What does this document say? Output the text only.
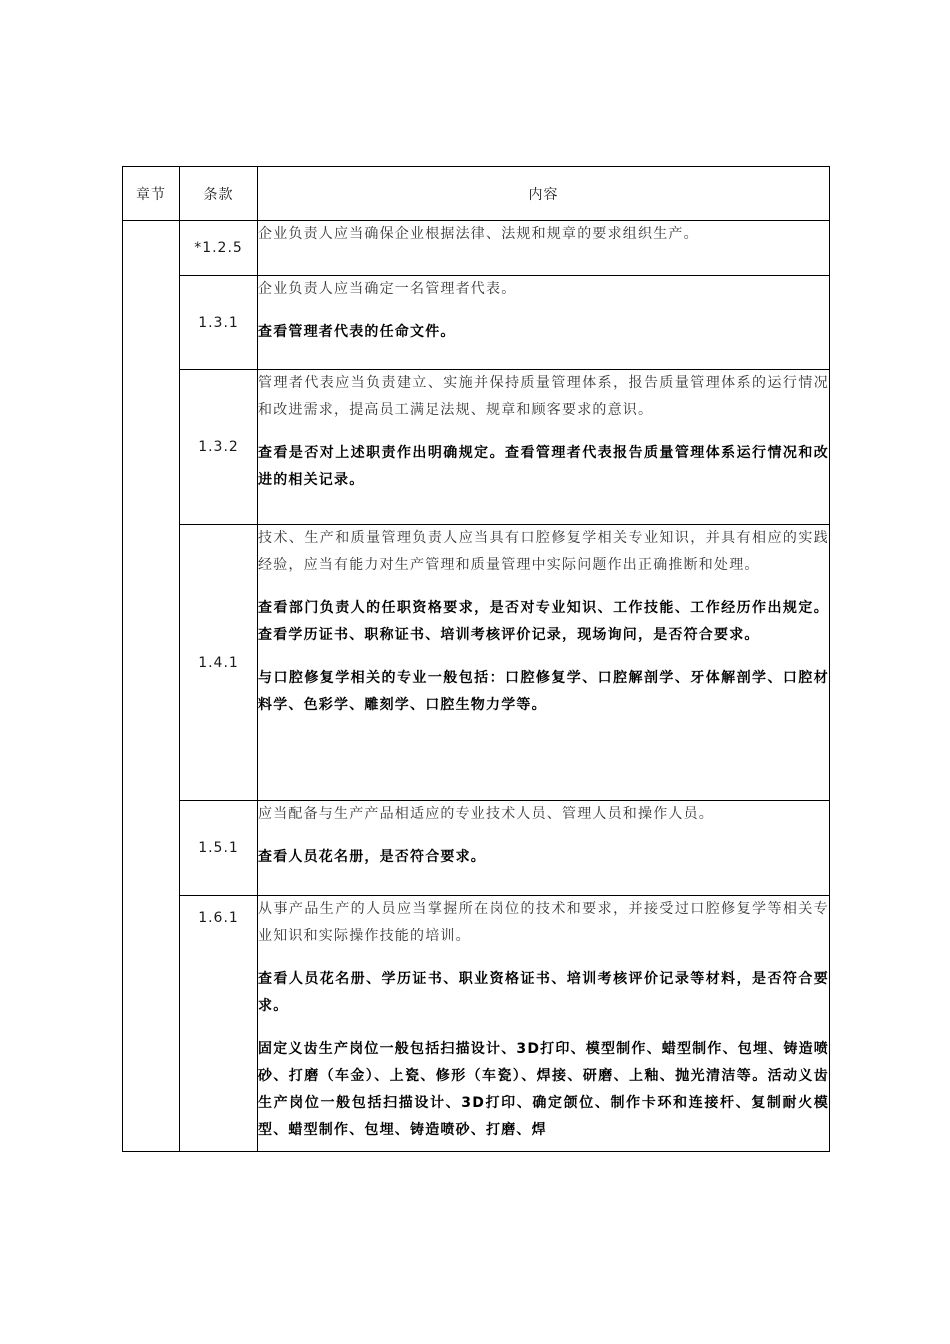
章节	条款	内容
	*1.2.5	企业负责人应当确保企业根据法律、法规和规章的要求组织生产。

	1.3.1	企业负责人应当确定一名管理者代表。

查看管理者代表的任命文件。

	1.3.2	管理者代表应当负责建立、实施并保持质量管理体系，报告质量管理体系的运行情况和改进需求，提高员工满足法规、规章和顾客要求的意识。

查看是否对上述职责作出明确规定。查看管理者代表报告质量管理体系运行情况和改进的相关记录。

	1.4.1	技术、生产和质量管理负责人应当具有口腔修复学相关专业知识，并具有相应的实践经验，应当有能力对生产管理和质量管理中实际问题作出正确推断和处理。

查看部门负责人的任职资格要求，是否对专业知识、工作技能、工作经历作出规定。查看学历证书、职称证书、培训考核评价记录，现场询问，是否符合要求。

与口腔修复学相关的专业一般包括：口腔修复学、口腔解剖学、牙体解剖学、口腔材料学、色彩学、雕刻学、口腔生物力学等。

	1.5.1	应当配备与生产产品相适应的专业技术人员、管理人员和操作人员。

查看人员花名册，是否符合要求。

	1.6.1	从事产品生产的人员应当掌握所在岗位的技术和要求，并接受过口腔修复学等相关专业知识和实际操作技能的培训。

查看人员花名册、学历证书、职业资格证书、培训考核评价记录等材料，是否符合要求。

固定义齿生产岗位一般包括扫描设计、3D打印、模型制作、蜡型制作、包埋、铸造喷砂、打磨（车金）、上瓷、修形（车瓷）、焊接、研磨、上釉、抛光清洁等。活动义齿生产岗位一般包括扫描设计、3D打印、确定颌位、制作卡环和连接杆、复制耐火模型、蜡型制作、包埋、铸造喷砂、打磨、焊
